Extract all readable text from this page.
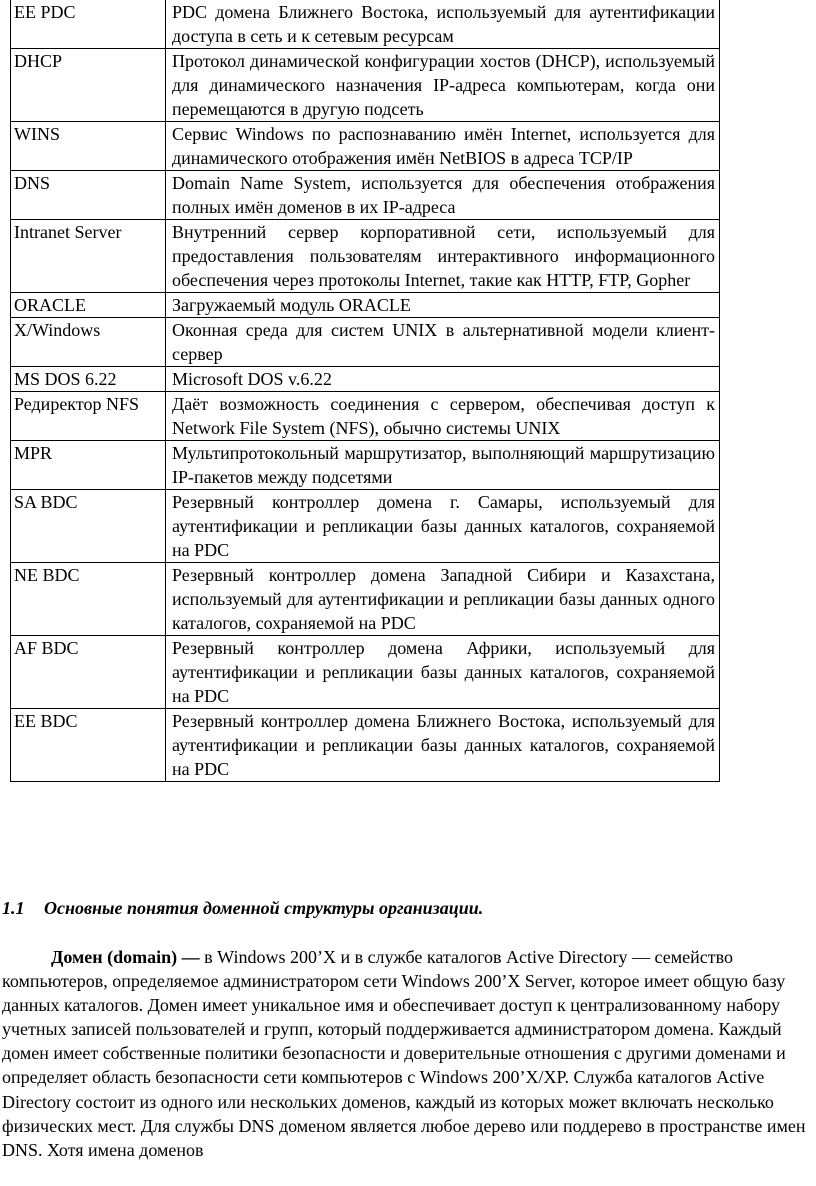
EE PDC	PDC домена Ближнего Востока, используемый для аутентификации доступа в сеть и к сетевым ресурсам
DHCP	Протокол динамической конфигурации хостов (DHCP), используемый для динамического назначения IP-адреса компьютерам, когда они перемещаются в другую подсеть
WINS	Сервис Windows по распознаванию имён Internet, используется для динамического отображения имён NetBIOS в адреса TCP/IP
DNS	Domain Name System, используется для обеспечения отображения полных имён доменов в их IP-адреса
Intranet Server	Внутренний сервер корпоративной сети, используемый для предоставления пользователям интерактивного информационного обеспечения через протоколы Internet, такие как HTTP, FTP, Gopher
ORACLE	Загружаемый модуль ORACLE
X/Windows	Оконная среда для систем UNIX в альтернативной модели клиент-сервер
MS DOS 6.22	Microsoft DOS v.6.22
Редиректор NFS	Даёт возможность соединения с сервером, обеспечивая доступ к Network File System (NFS), обычно системы UNIX
MPR	Мультипротокольный маршрутизатор, выполняющий маршрутизацию IP-пакетов между подсетями
SA BDC	Резервный контроллер домена г. Самары, используемый для аутентификации и репликации базы данных каталогов, сохраняемой на PDC
NE BDC	Резервный контроллер домена Западной Сибири и Казахстана, используемый для аутентификации и репликации базы данных одного каталогов, сохраняемой на PDC
AF BDC	Резервный контроллер домена Африки, используемый для аутентификации и репликации базы данных каталогов, сохраняемой на PDC
EE BDC	Резервный контроллер домена Ближнего Востока, используемый для аутентификации и репликации базы данных каталогов, сохраняемой на PDC
1.1 Основные понятия доменной структуры организации.
Домен (domain) — в Windows 200’X и в службе каталогов Active Directory — семейство компьютеров, определяемое администратором сети Windows 200’X Server, которое имеет общую базу данных каталогов. Домен имеет уникальное имя и обеспечивает доступ к централизованному набору учетных записей пользователей и групп, который поддерживается администратором домена. Каждый домен имеет собственные политики безопасности и доверительные отношения с другими доменами и определяет область безопасности сети компьютеров с Windows 200’X/XP. Служба каталогов Active Directory состоит из одного или нескольких доменов, каждый из которых может включать несколько физических мест. Для службы DNS доменом является любое дерево или поддерево в пространстве имен DNS. Хотя имена доменов
